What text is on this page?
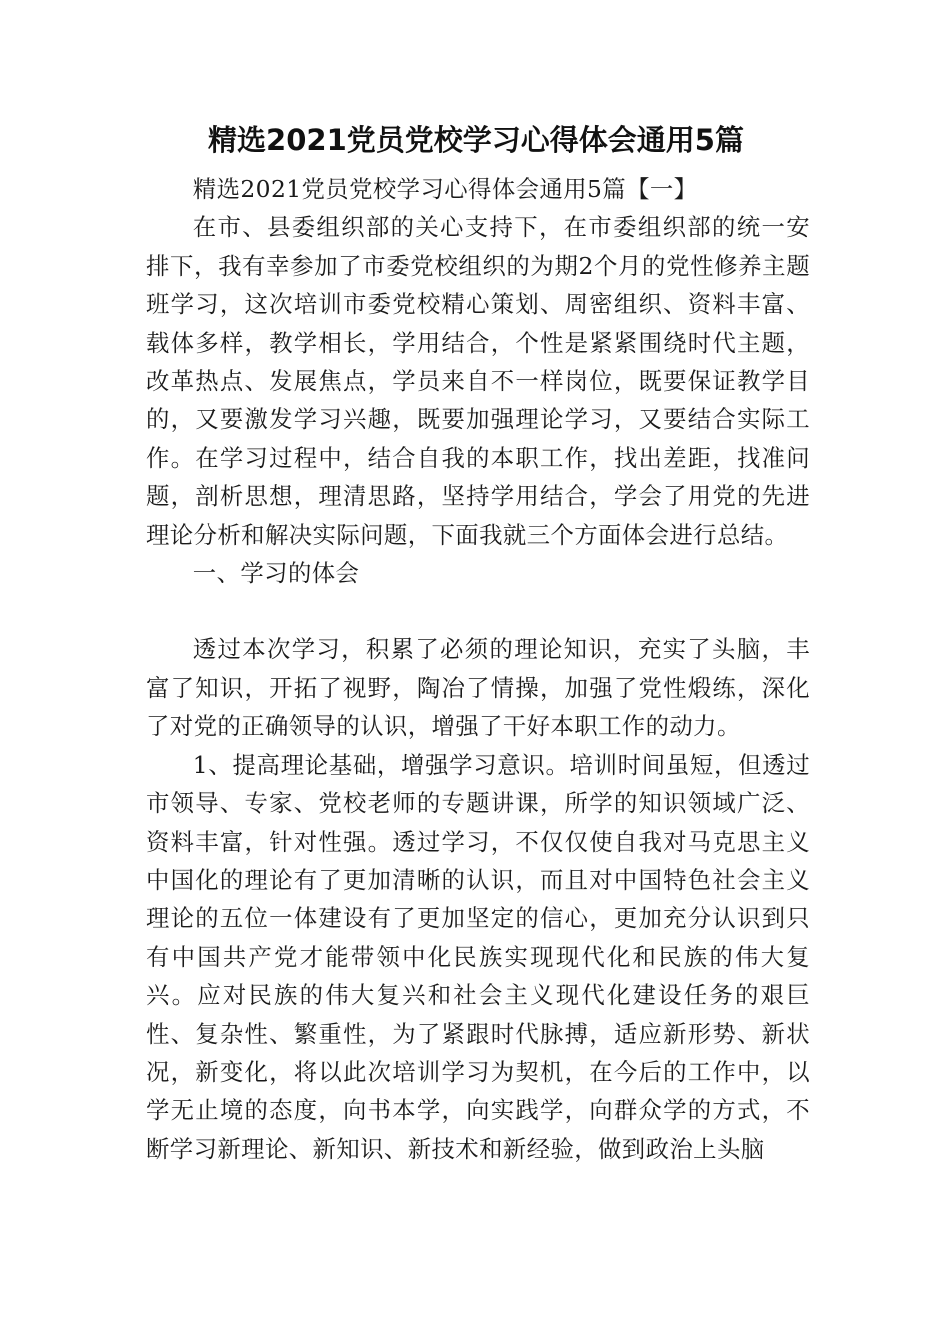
精选2021党员党校学习心得体会通用5篇

精选2021党员党校学习心得体会通用5篇【一】

在市、县委组织部的关心支持下，在市委组织部的统一安排下，我有幸参加了市委党校组织的为期2个月的党性修养主题班学习，这次培训市委党校精心策划、周密组织、资料丰富、载体多样，教学相长，学用结合，个性是紧紧围绕时代主题，改革热点、发展焦点，学员来自不一样岗位，既要保证教学目的，又要激发学习兴趣，既要加强理论学习，又要结合实际工作。在学习过程中，结合自我的本职工作，找出差距，找准问题，剖析思想，理清思路，坚持学用结合，学会了用党的先进理论分析和解决实际问题，下面我就三个方面体会进行总结。

一、学习的体会

透过本次学习，积累了必须的理论知识，充实了头脑，丰富了知识，开拓了视野，陶冶了情操，加强了党性煅练，深化了对党的正确领导的认识，增强了干好本职工作的动力。

1、提高理论基础，增强学习意识。培训时间虽短，但透过市领导、专家、党校老师的专题讲课，所学的知识领域广泛、资料丰富，针对性强。透过学习，不仅仅使自我对马克思主义中国化的理论有了更加清晰的认识，而且对中国特色社会主义理论的五位一体建设有了更加坚定的信心，更加充分认识到只有中国共产党才能带领中化民族实现现代化和民族的伟大复兴。应对民族的伟大复兴和社会主义现代化建设任务的艰巨性、复杂性、繁重性，为了紧跟时代脉搏，适应新形势、新状况，新变化，将以此次培训学习为契机，在今后的工作中，以学无止境的态度，向书本学，向实践学，向群众学的方式，不断学习新理论、新知识、新技术和新经验，做到政治上头脑
